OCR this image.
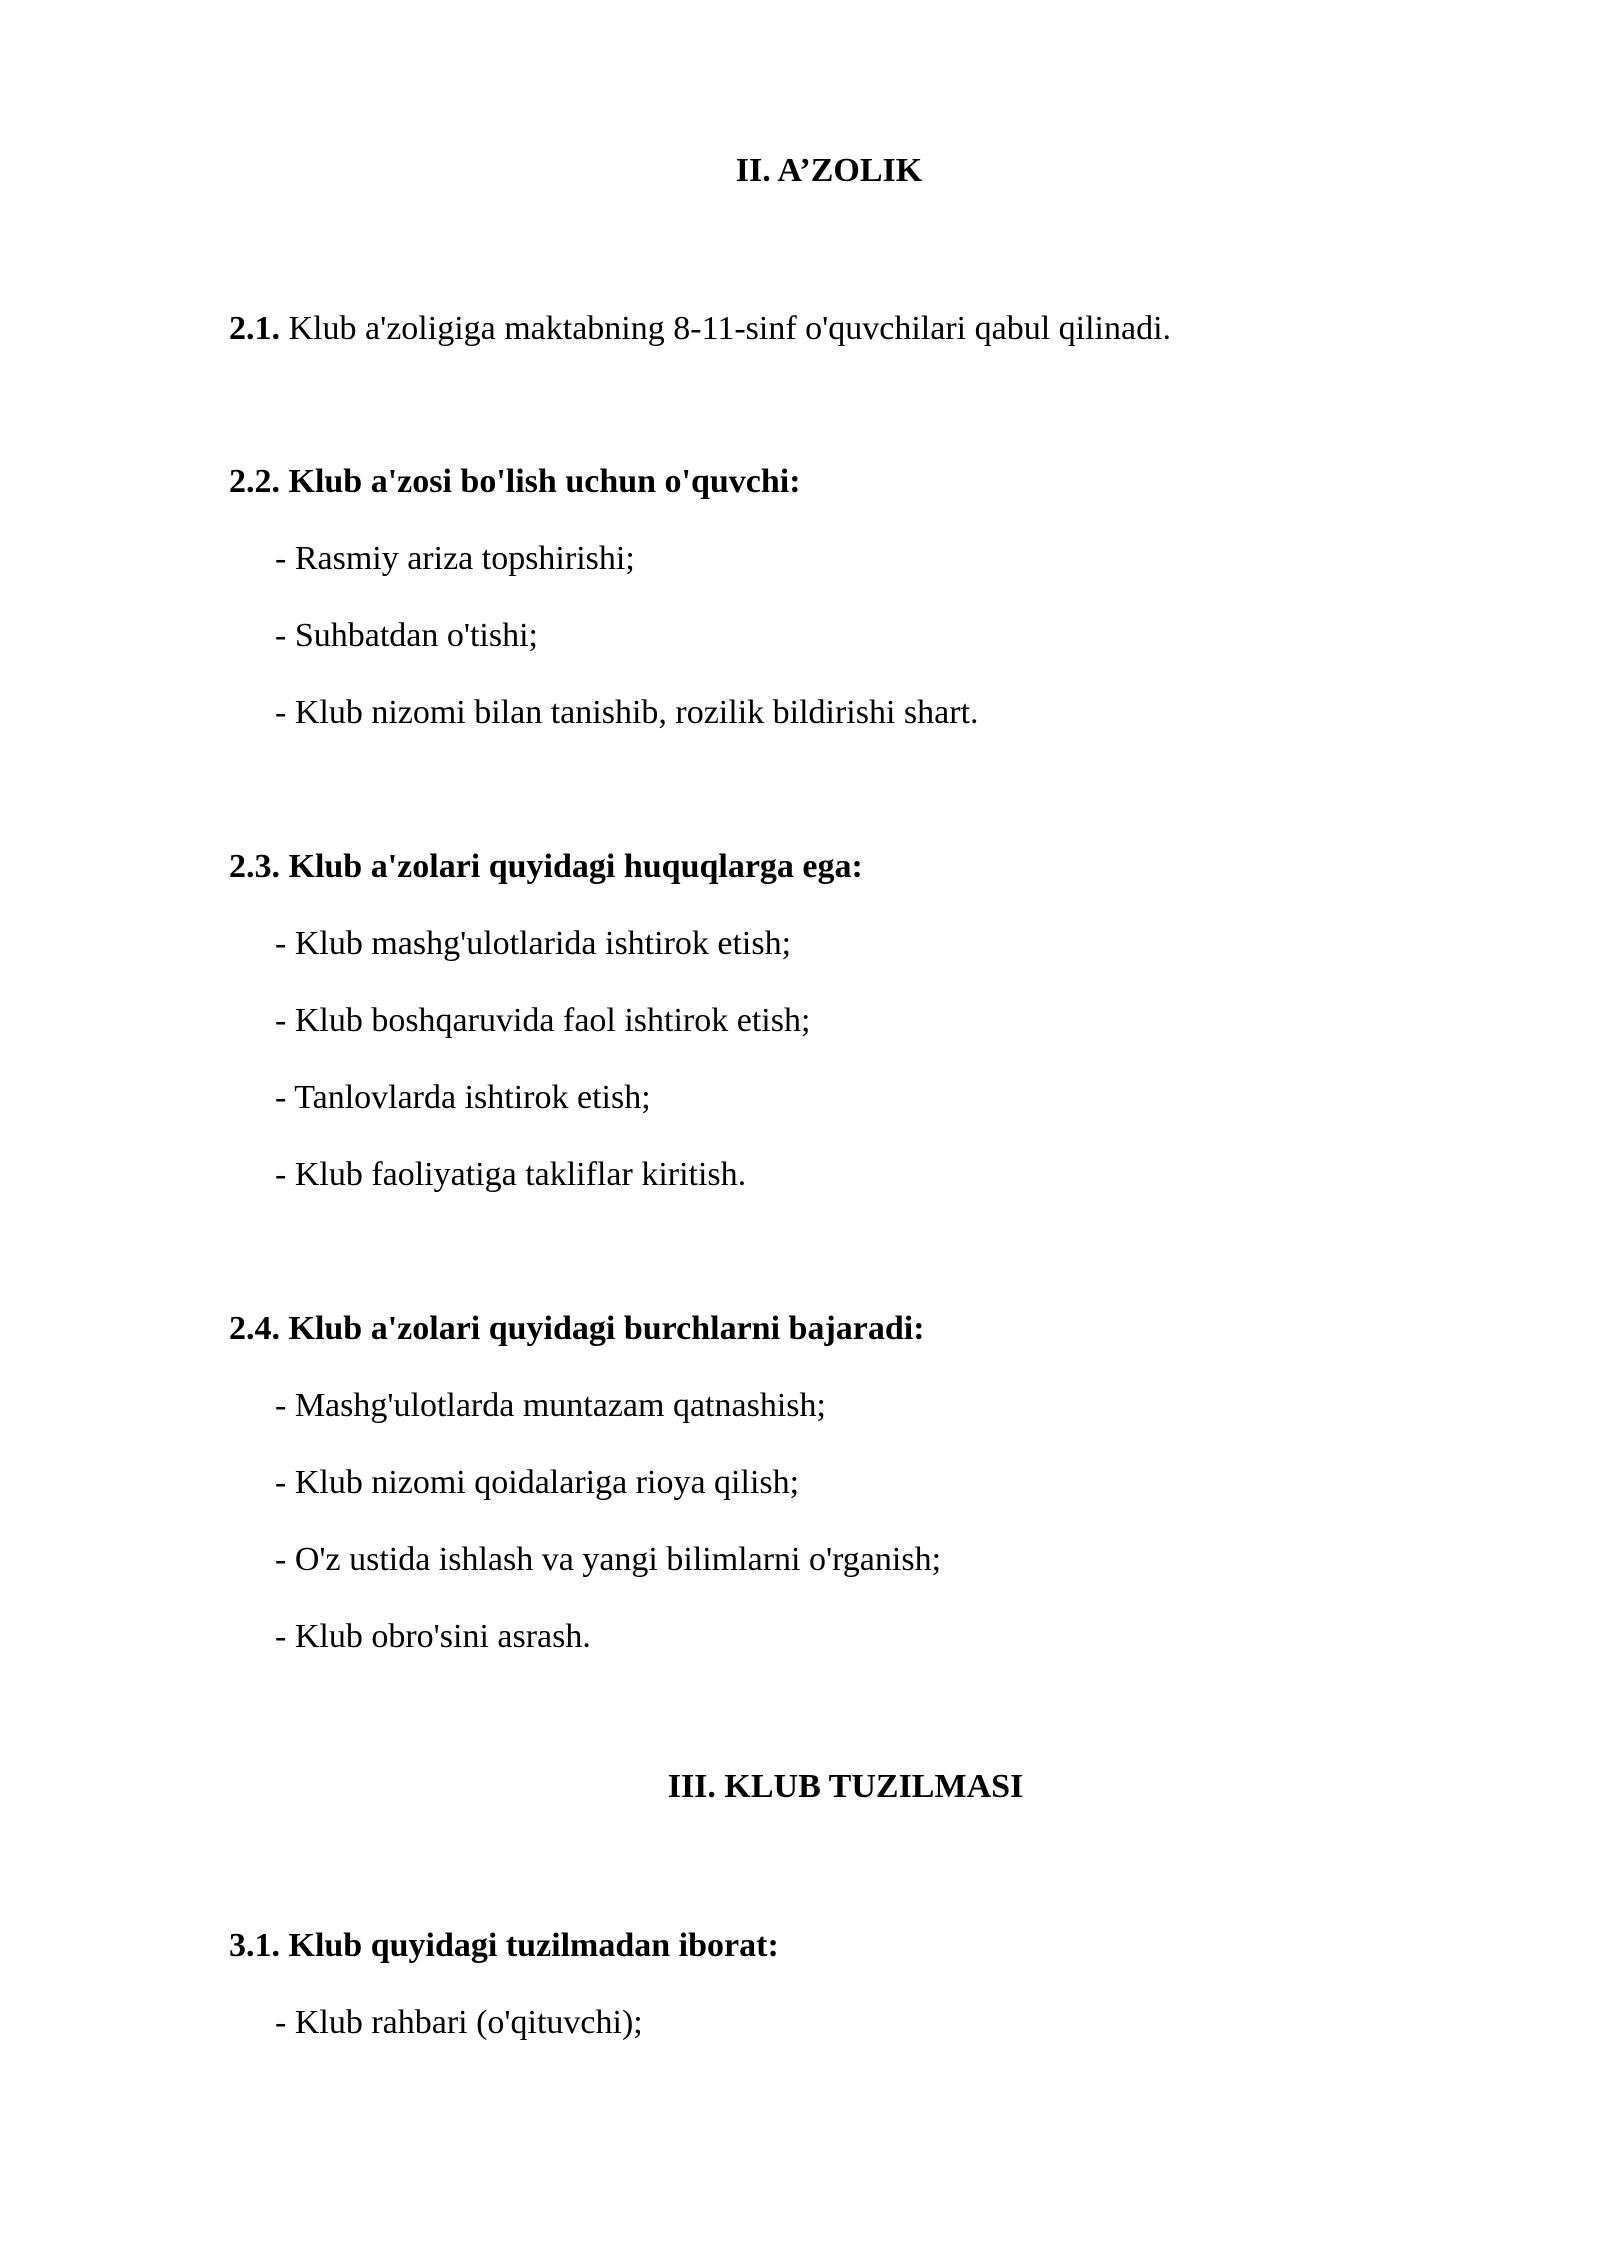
II. A’ZOLIK
2.1. Klub a'zoligiga maktabning 8-11-sinf o'quvchilari qabul qilinadi.
2.2. Klub a'zosi bo'lish uchun o'quvchi:
- Rasmiy ariza topshirishi;
- Suhbatdan o'tishi;
- Klub nizomi bilan tanishib, rozilik bildirishi shart.
2.3. Klub a'zolari quyidagi huquqlarga ega:
- Klub mashg'ulotlarida ishtirok etish;
- Klub boshqaruvida faol ishtirok etish;
- Tanlovlarda ishtirok etish;
- Klub faoliyatiga takliflar kiritish.
2.4. Klub a'zolari quyidagi burchlarni bajaradi:
- Mashg'ulotlarda muntazam qatnashish;
- Klub nizomi qoidalariga rioya qilish;
- O'z ustida ishlash va yangi bilimlarni o'rganish;
- Klub obro'sini asrash.
III. KLUB TUZILMASI
3.1. Klub quyidagi tuzilmadan iborat:
- Klub rahbari (o'qituvchi);
